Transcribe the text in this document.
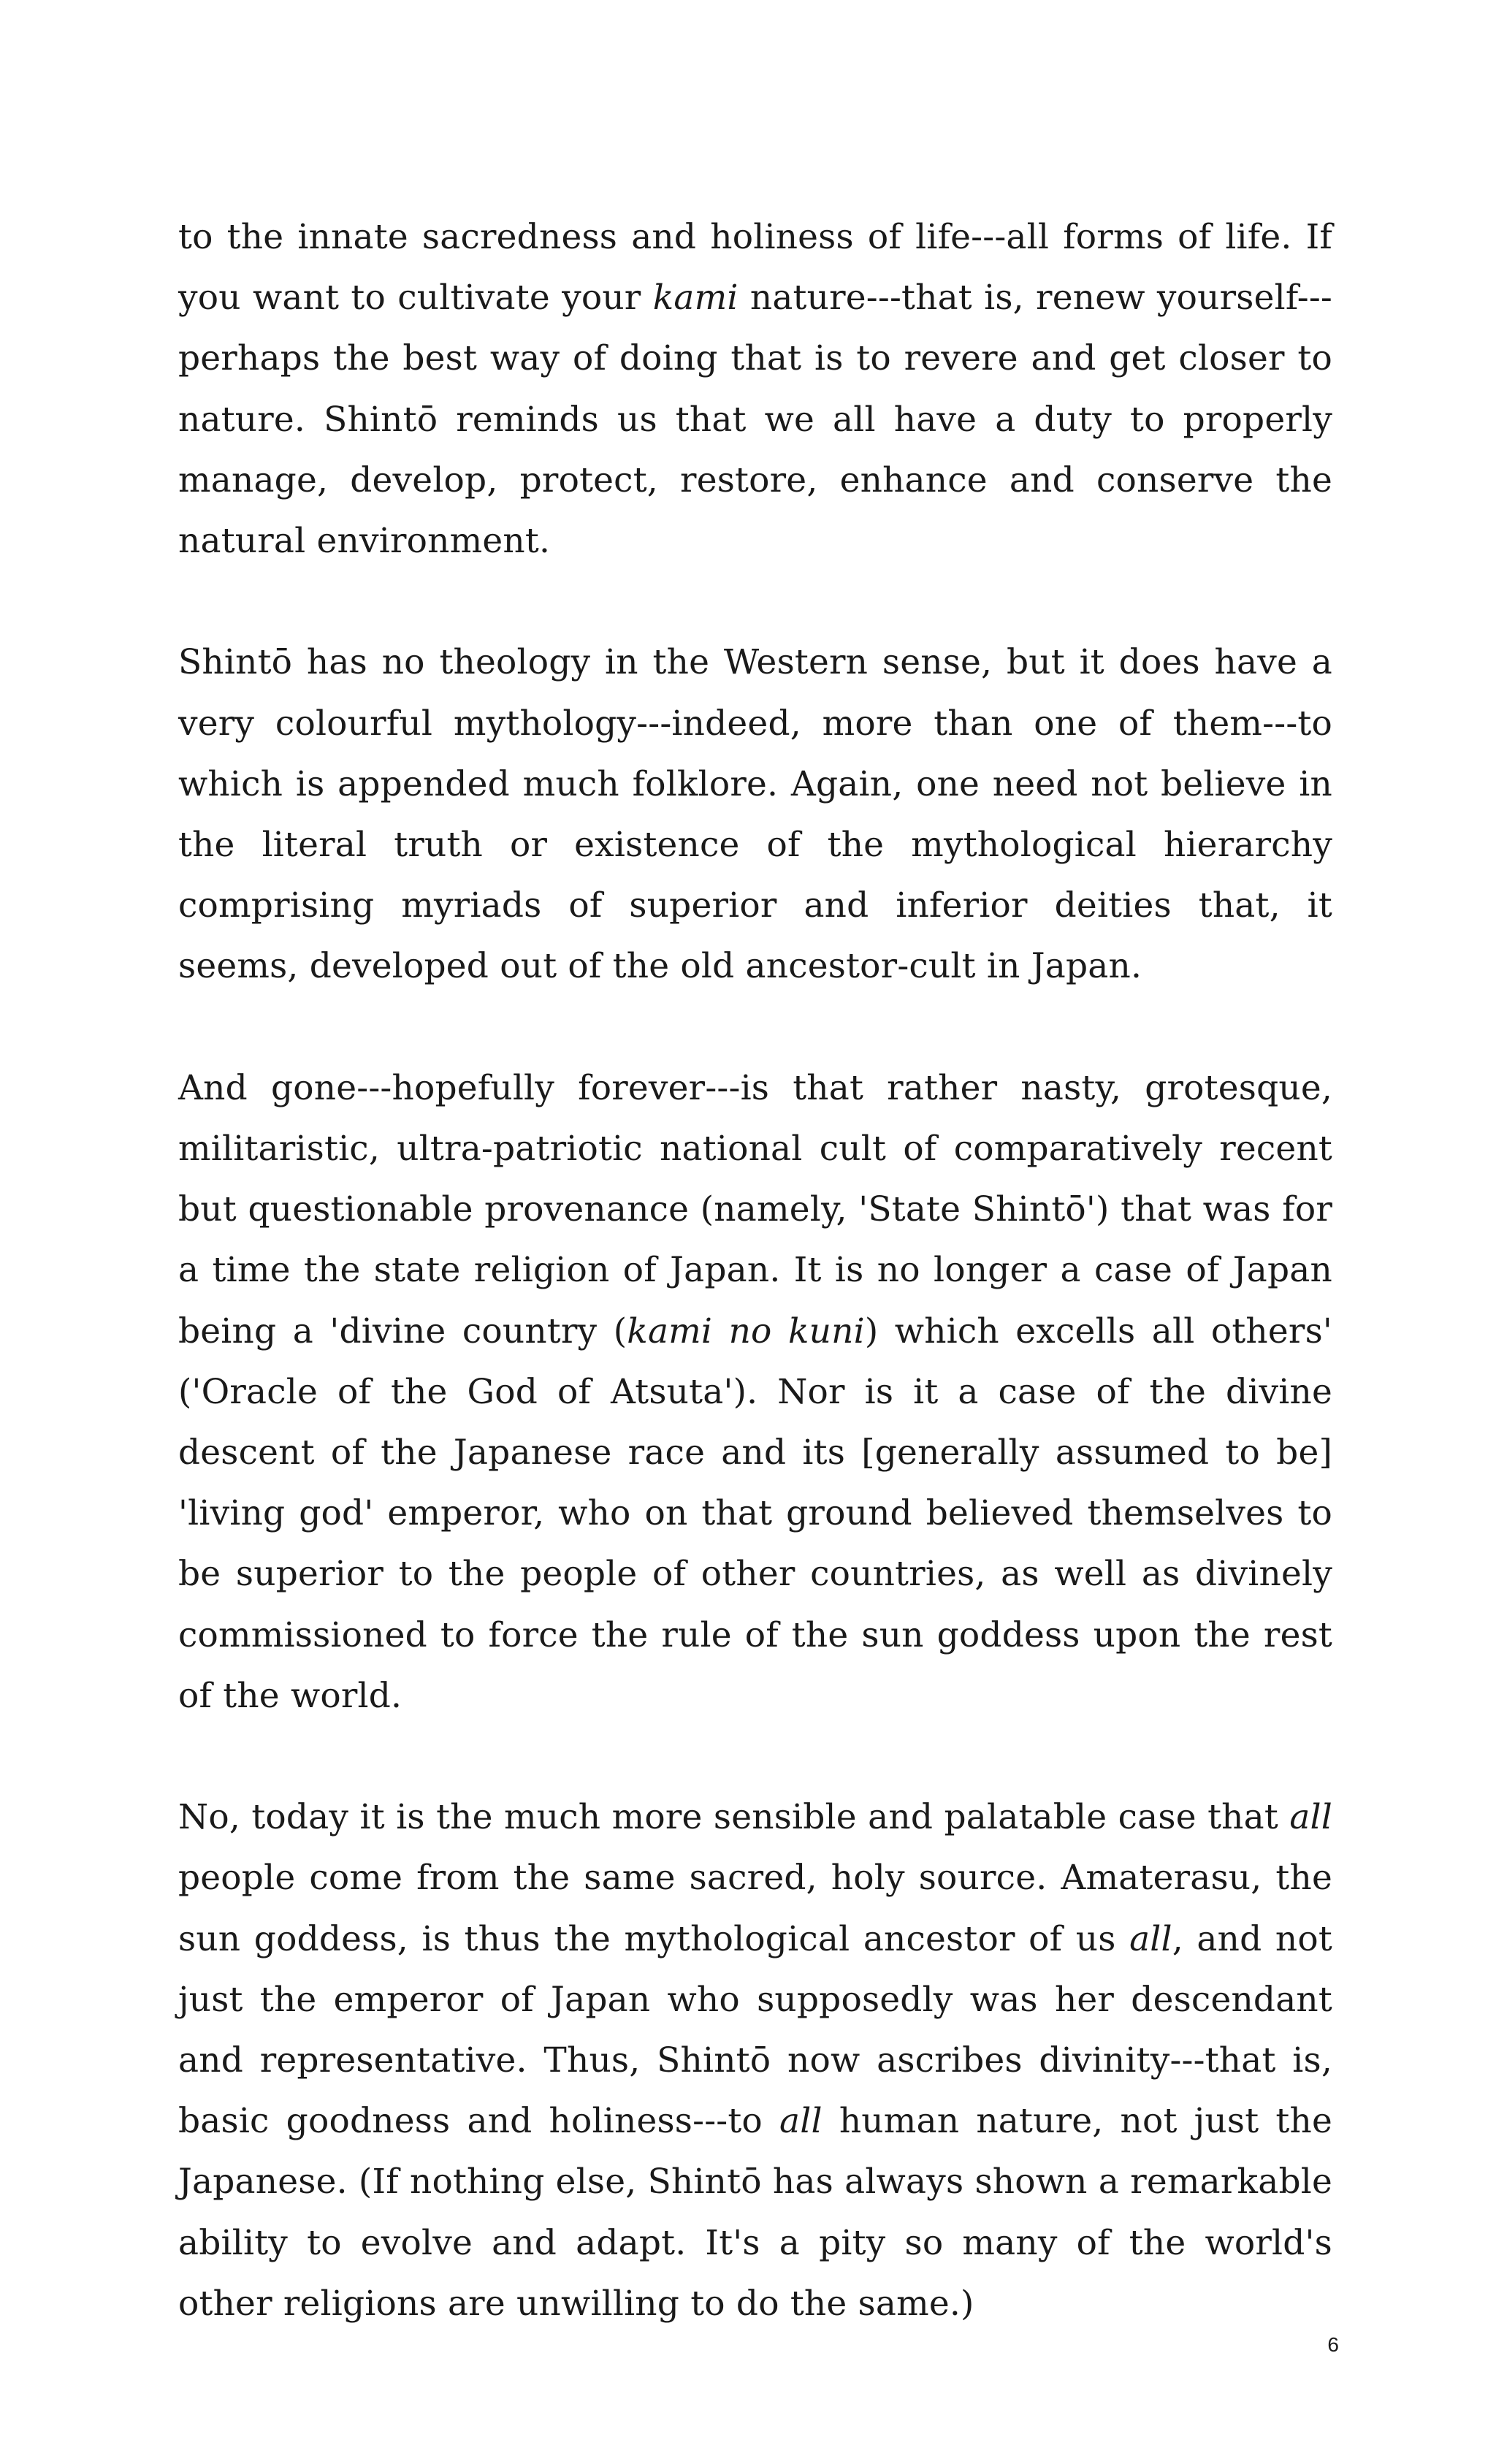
to the innate sacredness and holiness of life---all forms of life. If you want to cultivate your kami nature---that is, renew yourself---perhaps the best way of doing that is to revere and get closer to nature. Shintō reminds us that we all have a duty to properly manage, develop, protect, restore, enhance and conserve the natural environment.

Shintō has no theology in the Western sense, but it does have a very colourful mythology---indeed, more than one of them---to which is appended much folklore. Again, one need not believe in the literal truth or existence of the mythological hierarchy comprising myriads of superior and inferior deities that, it seems, developed out of the old ancestor-cult in Japan.

And gone---hopefully forever---is that rather nasty, grotesque, militaristic, ultra-patriotic national cult of comparatively recent but questionable provenance (namely, 'State Shintō') that was for a time the state religion of Japan. It is no longer a case of Japan being a 'divine country (kami no kuni) which excells all others' ('Oracle of the God of Atsuta'). Nor is it a case of the divine descent of the Japanese race and its [generally assumed to be] 'living god' emperor, who on that ground believed themselves to be superior to the people of other countries, as well as divinely commissioned to force the rule of the sun goddess upon the rest of the world.

No, today it is the much more sensible and palatable case that all people come from the same sacred, holy source. Amaterasu, the sun goddess, is thus the mythological ancestor of us all, and not just the emperor of Japan who supposedly was her descendant and representative. Thus, Shintō now ascribes divinity---that is, basic goodness and holiness---to all human nature, not just the Japanese. (If nothing else, Shintō has always shown a remarkable ability to evolve and adapt. It's a pity so many of the world's other religions are unwilling to do the same.)

6
